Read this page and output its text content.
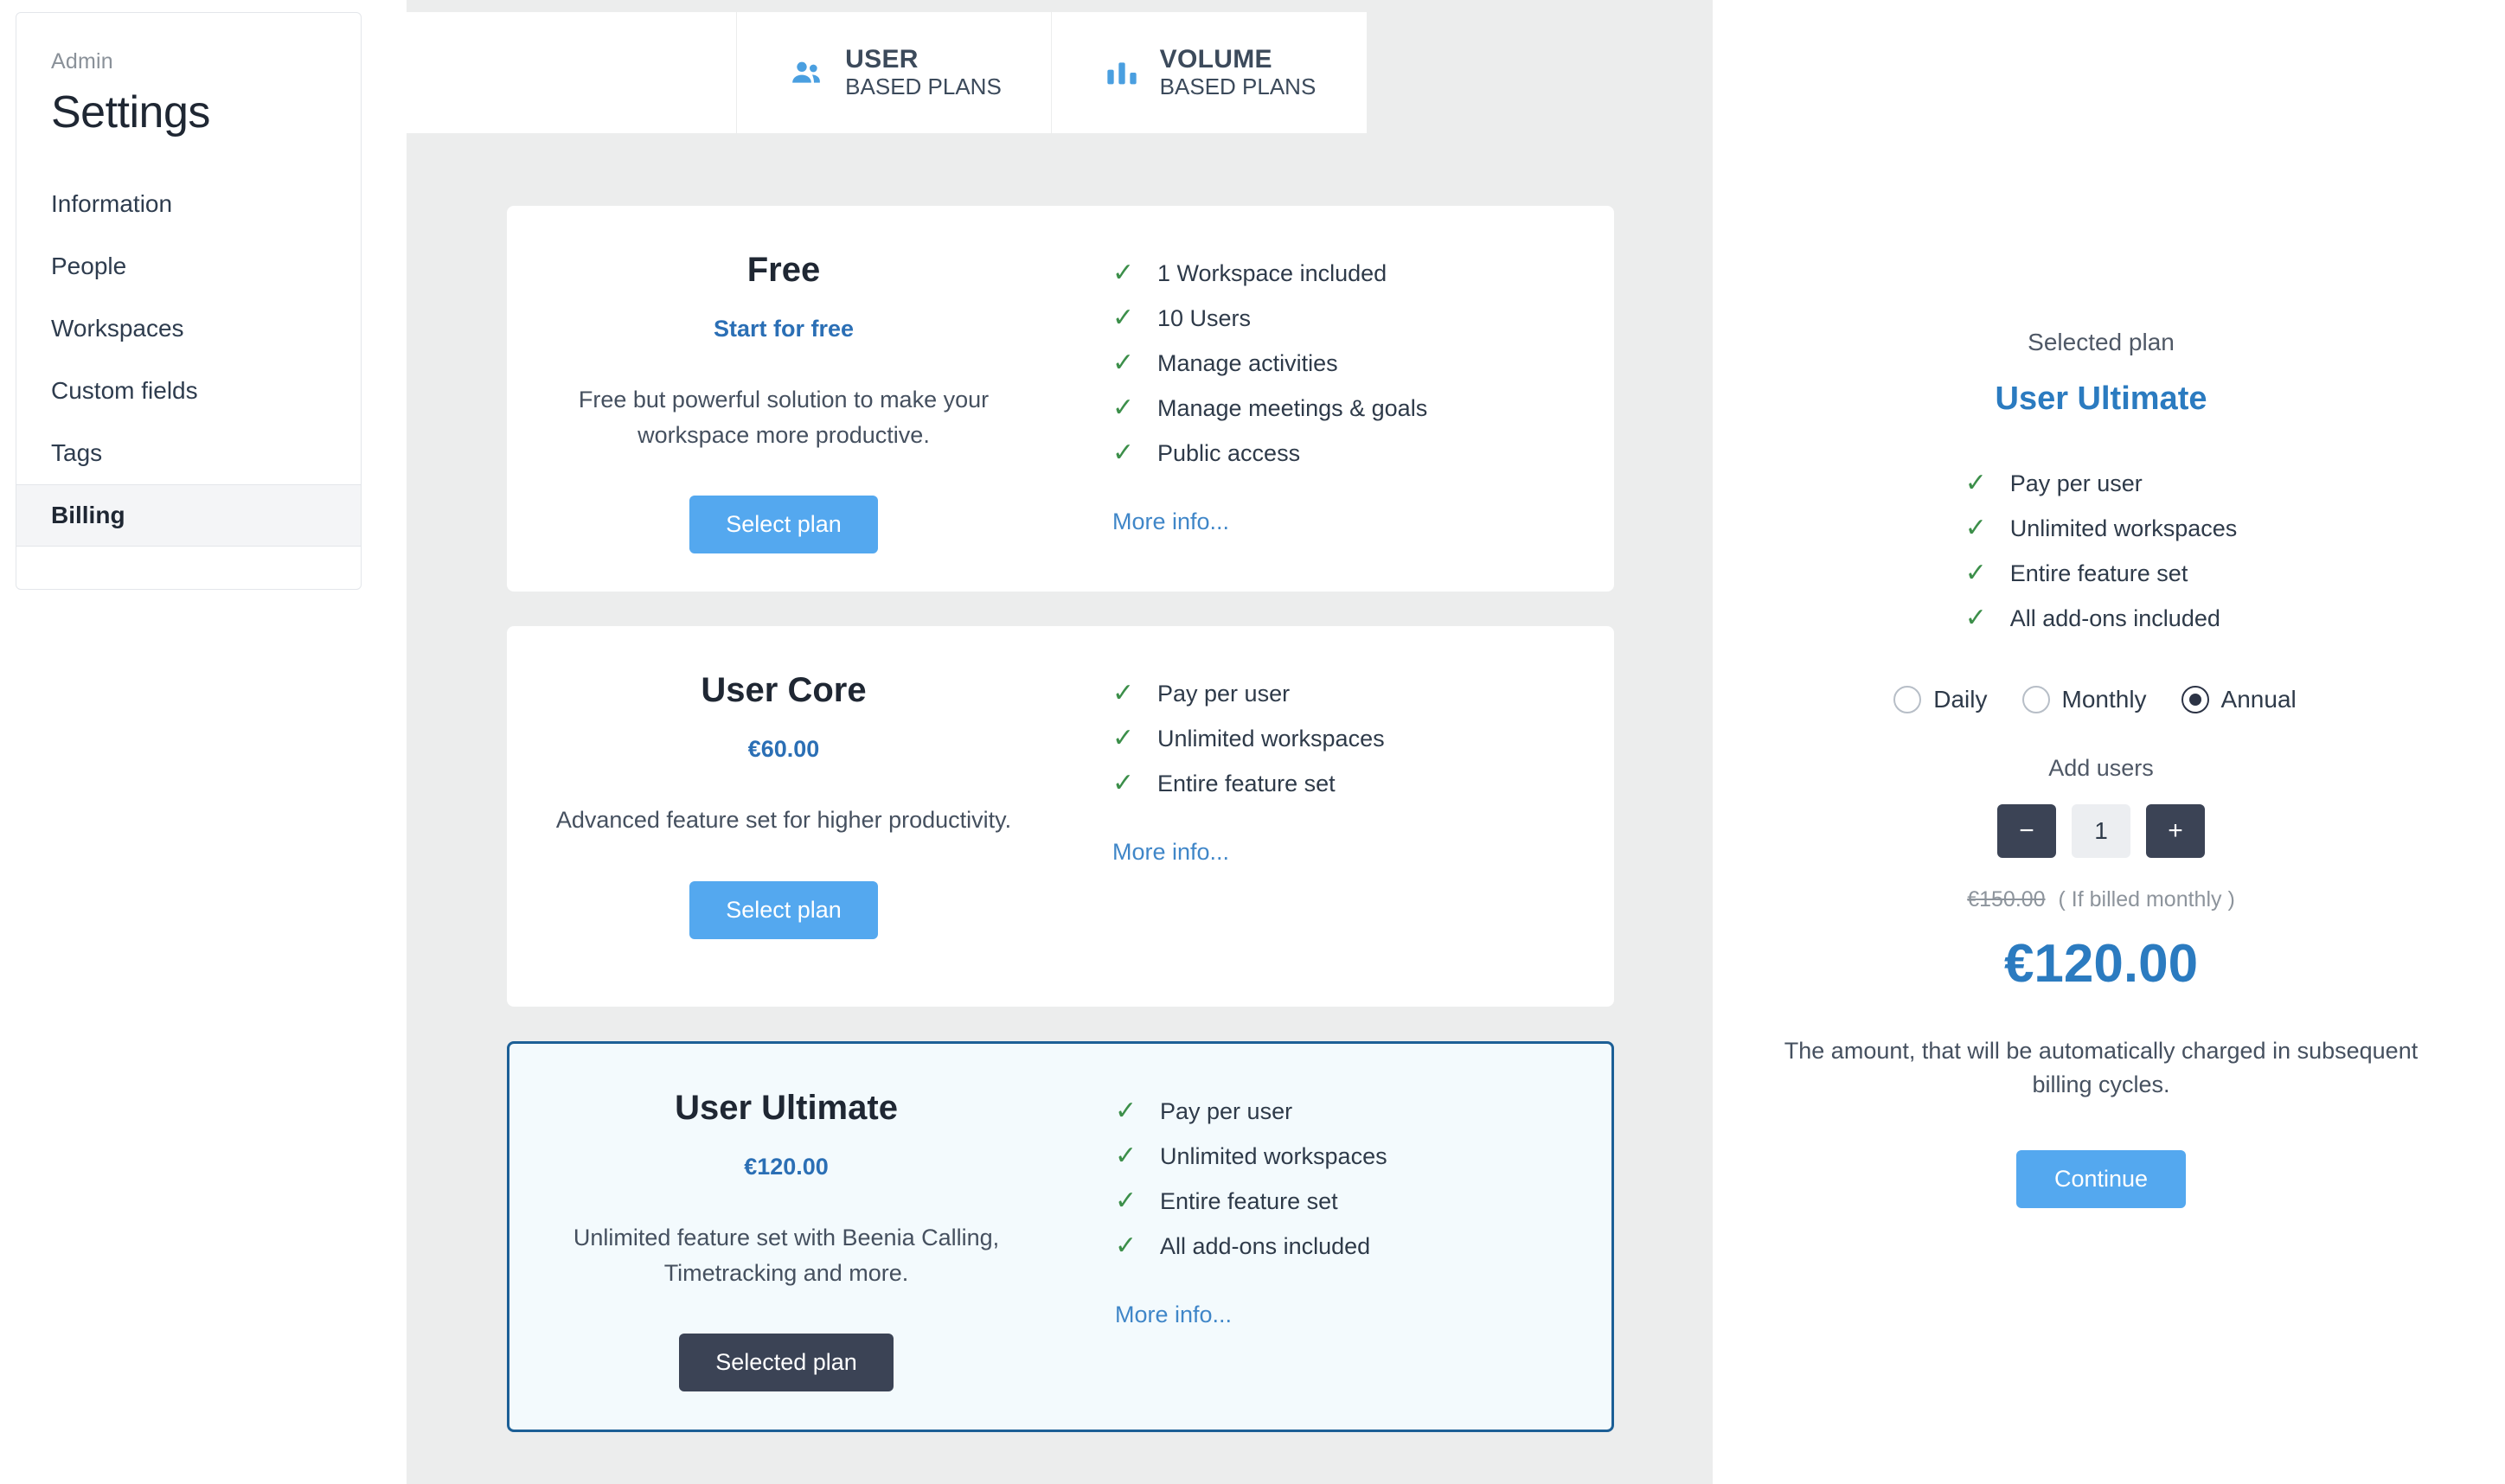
Admin
Settings
Information
People
Workspaces
Custom fields
Tags
Billing
USER
BASED PLANS
VOLUME
BASED PLANS
Free
Start for free
Free but powerful solution to make your workspace more productive.
Select plan
✓ 1 Workspace included
✓ 10 Users
✓ Manage activities
✓ Manage meetings & goals
✓ Public access
More info...
User Core
€60.00
Advanced feature set for higher productivity.
Select plan
✓ Pay per user
✓ Unlimited workspaces
✓ Entire feature set
More info...
User Ultimate
€120.00
Unlimited feature set with Beenia Calling, Timetracking and more.
Selected plan
✓ Pay per user
✓ Unlimited workspaces
✓ Entire feature set
✓ All add-ons included
More info...
Selected plan
User Ultimate
✓ Pay per user
✓ Unlimited workspaces
✓ Entire feature set
✓ All add-ons included
Daily	Monthly	Annual
Add users
−
1	+
€150.00 ( If billed monthly )
€120.00
The amount, that will be automatically charged in subsequent billing cycles.
Continue
